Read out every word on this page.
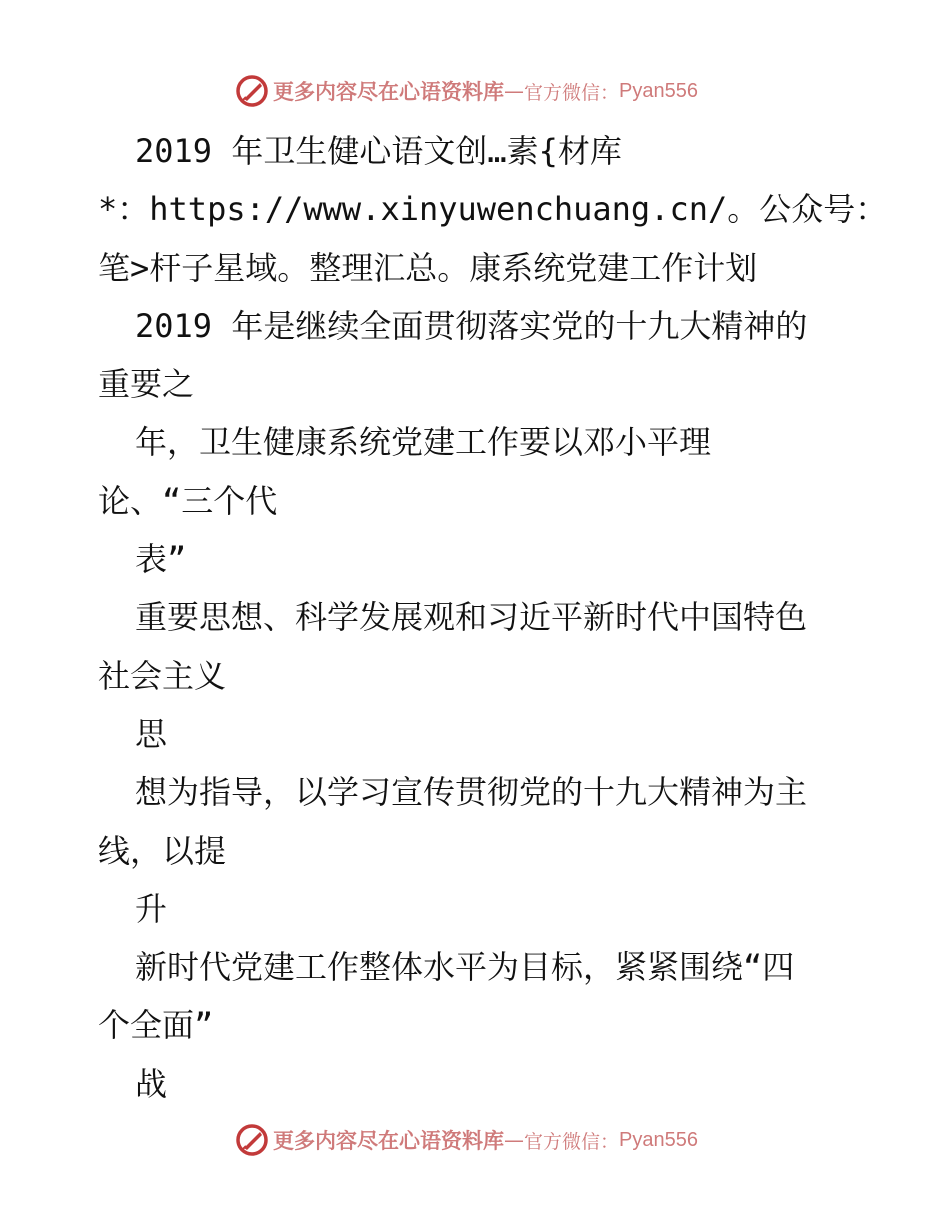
更多内容尽在心语资料库 — 官方微信： Pyan556
2019 年卫生健心语文创…素{材库
*：https://www.xinyuwenchuang.cn/。公众号：
笔>杆子星域。整理汇总。康系统党建工作计划
2019 年是继续全面贯彻落实党的十九大精神的
重要之
年，卫生健康系统党建工作要以邓小平理
论、“三个代
表”
重要思想、科学发展观和习近平新时代中国特色
社会主义
思
想为指导，以学习宣传贯彻党的十九大精神为主
线，以提
升
新时代党建工作整体水平为目标，紧紧围绕“四
个全面”
战
更多内容尽在心语资料库 — 官方微信： Pyan556
